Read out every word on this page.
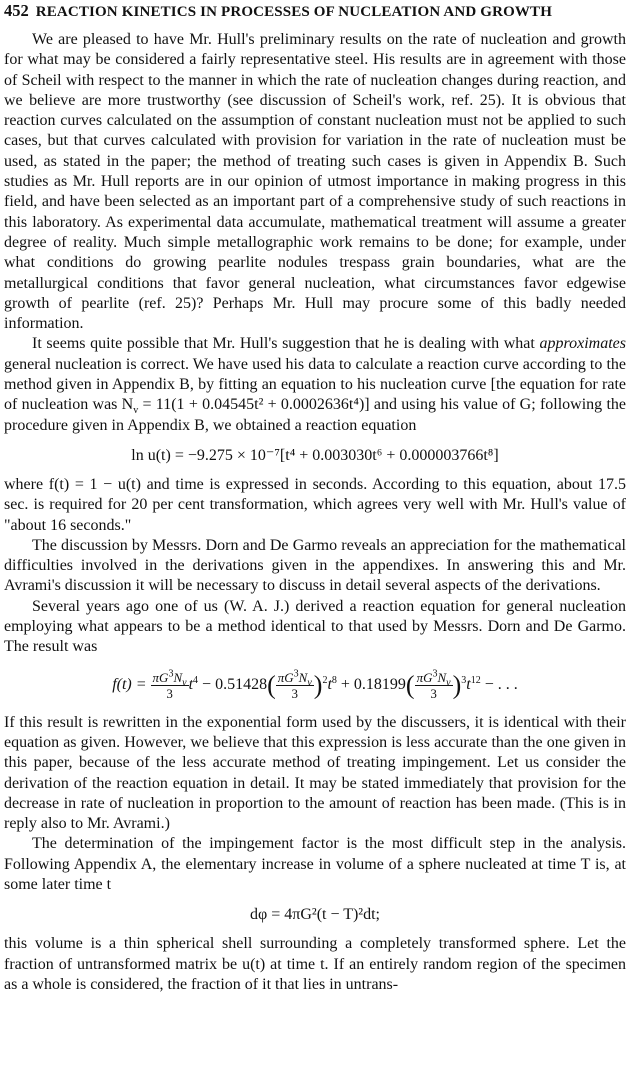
452 REACTION KINETICS IN PROCESSES OF NUCLEATION AND GROWTH

We are pleased to have Mr. Hull's preliminary results on the rate of nucleation and growth for what may be considered a fairly representative steel. His results are in agreement with those of Scheil with respect to the manner in which the rate of nucleation changes during reaction, and we believe are more trustworthy (see discussion of Scheil's work, ref. 25). It is obvious that reaction curves calculated on the assumption of constant nucleation must not be applied to such cases, but that curves calculated with provision for variation in the rate of nucleation must be used, as stated in the paper; the method of treating such cases is given in Appendix B. Such studies as Mr. Hull reports are in our opinion of utmost importance in making progress in this field, and have been selected as an important part of a comprehensive study of such reactions in this laboratory. As experimental data accumulate, mathematical treatment will assume a greater degree of reality. Much simple metallographic work remains to be done; for example, under what conditions do growing pearlite nodules trespass grain boundaries, what are the metallurgical conditions that favor general nucleation, what circumstances favor edgewise growth of pearlite (ref. 25)? Perhaps Mr. Hull may procure some of this badly needed information.

It seems quite possible that Mr. Hull's suggestion that he is dealing with what approximates general nucleation is correct. We have used his data to calculate a reaction curve according to the method given in Appendix B, by fitting an equation to his nucleation curve [the equation for rate of nucleation was $N_v = 11(1 + 0.04545t^2 + 0.0002636t^4)$] and using his value of G; following the procedure given in Appendix B, we obtained a reaction equation

ln u(t) = −9.275 × 10⁻⁷[t⁴ + 0.003030t⁶ + 0.000003766t⁸]

where f(t) = 1 − u(t) and time is expressed in seconds. According to this equation, about 17.5 sec. is required for 20 per cent transformation, which agrees very well with Mr. Hull's value of "about 16 seconds."

The discussion by Messrs. Dorn and De Garmo reveals an appreciation for the mathematical difficulties involved in the derivations given in the appendixes. In answering this and Mr. Avrami's discussion it will be necessary to discuss in detail several aspects of the derivations.

Several years ago one of us (W. A. J.) derived a reaction equation for general nucleation employing what appears to be a method identical to that used by Messrs. Dorn and De Garmo. The result was

$f(t) = \frac{\pi G^3N_v}{3} t^4 - 0.51428( \frac{\pi G^3N_v}{3} )^2t^8 + 0.18199( \frac{\pi G^3N_v}{3} )^3t^{12}$ − . . .

If this result is rewritten in the exponential form used by the discussers, it is identical with their equation as given. However, we believe that this expression is less accurate than the one given in this paper, because of the less accurate method of treating impingement. Let us consider the derivation of the reaction equation in detail. It may be stated immediately that provision for the decrease in rate of nucleation in proportion to the amount of reaction has been made. (This is in reply also to Mr. Avrami.)

The determination of the impingement factor is the most difficult step in the analysis. Following Appendix A, the elementary increase in volume of a sphere nucleated at time T is, at some later time t

dφ = 4πG²(t − T)²dt;

this volume is a thin spherical shell surrounding a completely transformed sphere. Let the fraction of untransformed matrix be u(t) at time t. If an entirely random region of the specimen as a whole is considered, the fraction of it that lies in untrans-
